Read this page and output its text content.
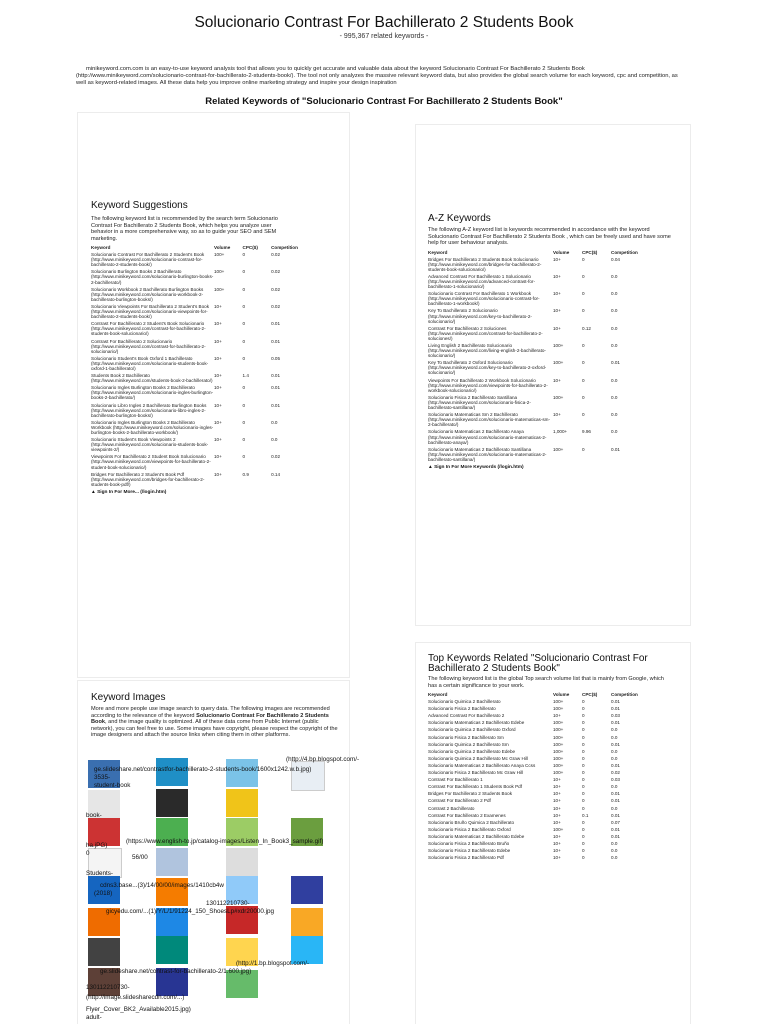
Solucionario Contrast For Bachillerato 2 Students Book
- 995,367 related keywords -
minikeyword.com.com is an easy-to-use keyword analysis tool that allows you to quickly get accurate and valuable data about the keyword Solucionario Contrast For Bachillerato 2 Students Book (http://www.minikeyword.com/solucionario-contrast-for-bachillerato-2-students-book/). The tool not only analyzes the massive relevant keyword data, but also provides the global search volume for each keyword, cpc and competition, as well as keyword-related images. All these data help you improve online marketing strategy and inspire your design inspiration
Related Keywords of "Solucionario Contrast For Bachillerato 2 Students Book"
Keyword Suggestions
The following keyword list is recommended by the search term Solucionario Contrast For Bachillerato 2 Students Book, which helps you analyze user behavior in a more comprehensive way, so as to guide your SEO and SEM marketing.
Keyword	Volume	CPC($)	Competition
Solucionario Contrast For Bachillerato 2 Student's Book (http://www.minikeyword.com/solucionario-contrast-for-bachillerato-2-students-book/)	100+	0	0.02
Solucionario Burlington Books 2 Bachillerato (http://www.minikeyword.com/solucionario-burlington-books-2-bachillerato/)	100+	0	0.02
Solucionario Workbook 2 Bachillerato Burlington Books (http://www.minikeyword.com/solucionario-workbook-2-bachillerato-burlington-books/)	100+	0	0.02
Solucionario Viewpoints For Bachillerato 2 Student's Book (http://www.minikeyword.com/solucionario-viewpoints-for-bachillerato-2-students-book/)	10+	0	0.02
Contrast For Bachillerato 2 Student's Book Solucionario (http://www.minikeyword.com/contrast-for-bachillerato-2-students-book-solucionario/)	10+	0	0.01
Contrast For Bachillerato 2 Solucionario (http://www.minikeyword.com/contrast-for-bachillerato-2-solucionario/)	10+	0	0.01
Solucionario Student's Book Oxford 1 Bachillerato (http://www.minikeyword.com/solucionario-students-book-oxford-1-bachillerato/)	10+	0	0.05
Students Book 2 Bachillerato (http://www.minikeyword.com/students-book-2-bachillerato/)	10+	1.4	0.01
Solucionario Ingles Burlington Books 2 Bachillerato (http://www.minikeyword.com/solucionario-ingles-burlington-books-2-bachillerato/)	10+	0	0.01
Solucionario Libro Ingles 2 Bachillerato Burlington Books (http://www.minikeyword.com/solucionario-libro-ingles-2-bachillerato-burlington-books/)	10+	0	0.01
Solucionario Ingles Burlington Books 2 Bachillerato Workbook (http://www.minikeyword.com/solucionario-ingles-burlington-books-2-bachillerato-workbook/)	10+	0	0.0
Solucionario Student's Book Viewpoints 2 (http://www.minikeyword.com/solucionario-students-book-viewpoints-2/)	10+	0	0.0
Viewpoints For Bachillerato 2 Student Book Solucionario (http://www.minikeyword.com/viewpoints-for-bachillerato-2-student-book-solucionario/)	10+	0	0.02
Bridges For Bachillerato 2 Student's Book Pdf (http://www.minikeyword.com/bridges-for-bachillerato-2-students-book-pdf/)	10+	0.9	0.14
▲ Sign In For More... (/login.htm)
A-Z Keywords
The following A-Z keyword list is keywords recommended in accordance with the keyword Solucionario Contrast For Bachillerato 2 Students Book , which can be freely used and have some help for user behaviour analysis.
Keyword	Volume	CPC($)	Competition
Bridges For Bachillerato 2 Students Book Solucionario (http://www.minikeyword.com/bridges-for-bachillerato-2-students-book-solucionario/)	10+	0	0.04
Advanced Contrast For Bachillerato 1 Solucionario (http://www.minikeyword.com/advanced-contrast-for-bachillerato-1-solucionario/)	10+	0	0.0
Solucionario Contrast For Bachillerato 1 Workbook (http://www.minikeyword.com/solucionario-contrast-for-bachillerato-1-workbook/)	10+	0	0.0
Key To Bachillerato 2 Solucionario (http://www.minikeyword.com/key-to-bachillerato-2-solucionario/)	10+	0	0.0
Contrast For Bachillerato 2 Soluciones (http://www.minikeyword.com/contrast-for-bachillerato-2-soluciones/)	10+	0.12	0.0
Living English 2 Bachillerato Solucionario (http://www.minikeyword.com/living-english-2-bachillerato-solucionario/)	100+	0	0.0
Key To Bachillerato 2 Oxford Solucionario (http://www.minikeyword.com/key-to-bachillerato-2-oxford-solucionario/)	100+	0	0.01
Viewpoints For Bachillerato 2 Workbook Solucionario (http://www.minikeyword.com/viewpoints-for-bachillerato-2-workbook-solucionario/)	10+	0	0.0
Solucionario Fisica 2 Bachillerato Santillana (http://www.minikeyword.com/solucionario-fisica-2-bachillerato-santillana/)	100+	0	0.0
Solucionario Matematicas Sm 2 Bachillerato (http://www.minikeyword.com/solucionario-matematicas-sm-2-bachillerato/)	10+	0	0.0
Solucionario Matematicas 2 Bachillerato Anaya (http://www.minikeyword.com/solucionario-matematicas-2-bachillerato-anaya/)	1,000+	9.96	0.0
Solucionario Matematicas 2 Bachillerato Santillana (http://www.minikeyword.com/solucionario-matematicas-2-bachillerato-santillana/)	100+	0	0.01
▲ Sign In For More Keywords (/login.htm)
Top Keywords Related "Solucionario Contrast For Bachillerato 2 Students Book"
The following keyword list is the global Top search volume list that is mainly from Google, which has a certain significance to your work.
Keyword	Volume	CPC($)	Competition
Solucionario Quimica 2 Bachillerato	100+	0	0.01
Solucionario Fisica 2 Bachillerato	100+	0	0.01
Advanced Contrast For Bachillerato 2	10+	0	0.03
Solucionario Matematicas 2 Bachillerato Edebe	100+	0	0.01
Solucionario Quimica 2 Bachillerato Oxford	100+	0	0.0
Solucionario Fisica 2 Bachillerato Sm	100+	0	0.0
Solucionario Quimica 2 Bachillerato Sm	100+	0	0.01
Solucionario Quimica 2 Bachillerato Edebe	100+	0	0.0
Solucionario Quimica 2 Bachillerato Mc Graw Hill	100+	0	0.0
Solucionario Matematicas 2 Bachillerato Anaya Ccss	100+	0	0.01
Solucionario Fisica 2 Bachillerato Mc Graw Hill	100+	0	0.02
Contrast For Bachillerato 1	10+	0	0.03
Contrast For Bachillerato 1 Students Book Pdf	10+	0	0.0
Bridges For Bachillerato 2 Students Book	10+	0	0.01
Contrast For Bachillerato 2 Pdf	10+	0	0.01
Contrast 2 Bachillerato	10+	0	0.0
Contrast For Bachillerato 2 Examenes	10+	0.1	0.01
Solucionario Bruño Quimica 2 Bachillerato	10+	0	0.07
Solucionario Fisica 2 Bachillerato Oxford	100+	0	0.01
Solucionario Matematicas 2 Bachillerato Edebe	10+	0	0.01
Solucionario Fisica 2 Bachillerato Bruño	10+	0	0.0
Solucionario Fisica 2 Bachillerato Edebe	10+	0	0.0
Solucionario Fisica 2 Bachillerato Pdf	10+	0	0.0
Keyword Images
More and more people use image search to query data. The following images are recommended according to the relevance of the keyword Solucionario Contrast For Bachillerato 2 Students Book, and the image quality is optimized. All of these data come from Public Internet (public network), you can feel free to use. Some images have copyright, please respect the copyright of the image designers and attach the source links when citing them in other platforms.
(http://4.bp.blogspot.com/-
ge.slideshare.net/contrastfor-bachillerato-2-students-book/1600x1242.w.b.jpg)
3535-
student-book
book-
(https://www.english-to.jp/catalog-images/Listen_In_Book3_sample.gif)
ha.jPG)
0
56/00
Students-
cdns3.base...(3)/14/00/00/images/1410cb4w
(2018)
gicyedu.com/...(1)/Y/L/1/91224_150_ShoesLp#xdr20000.jpg
130112210730-
(http://1.bp.blogspot.com/-
ge.slideshare.net/contrast-for-bachillerato-2/1.600.jpg)
130112210730-
(http://image.slidesharecdn.com/...)
Flyer_Cover_BK2_Available2015.jpg)
adult-
